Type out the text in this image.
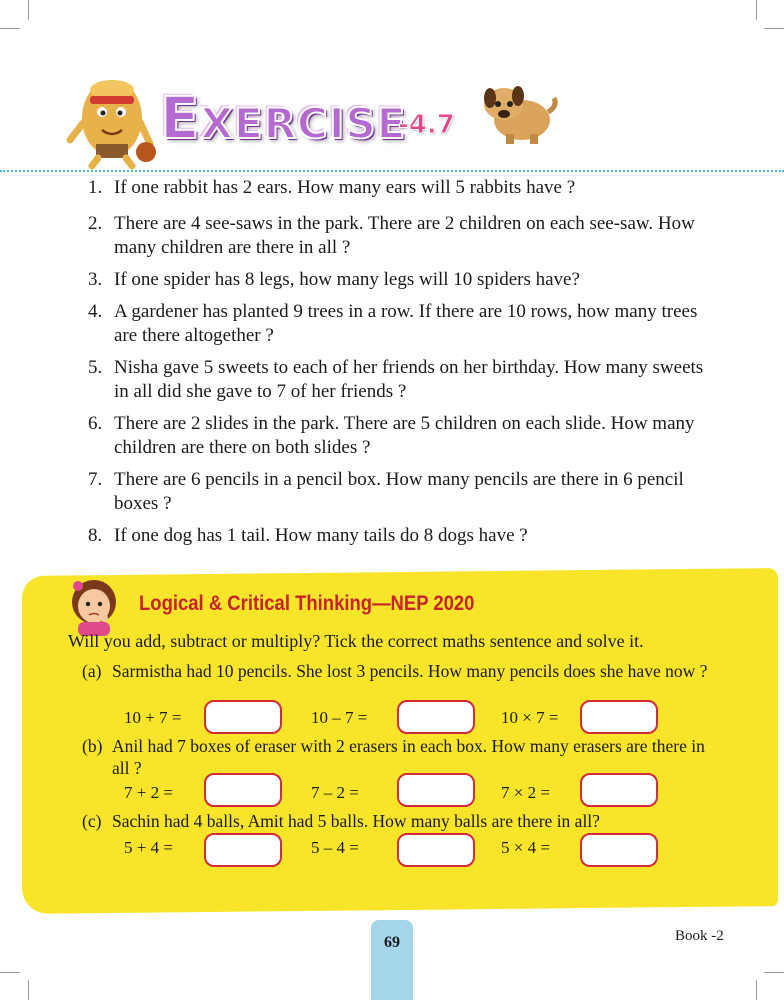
EXERCISE
-4.7
1. If one rabbit has 2 ears. How many ears will 5 rabbits have ?
2. There are 4 see-saws in the park. There are 2 children on each see-saw. How many children are there in all ?
3. If one spider has 8 legs, how many legs will 10 spiders have?
4. A gardener has planted 9 trees in a row. If there are 10 rows, how many trees are there altogether ?
5. Nisha gave 5 sweets to each of her friends on her birthday. How many sweets in all did she gave to 7 of her friends ?
6. There are 2 slides in the park. There are 5 children on each slide. How many children are there on both slides ?
7. There are 6 pencils in a pencil box. How many pencils are there in 6 pencil boxes ?
8. If one dog has 1 tail. How many tails do 8 dogs have ?
Logical & Critical Thinking—NEP 2020
Will you add, subtract or multiply? Tick the correct maths sentence and solve it.
(a) Sarmistha had 10 pencils. She lost 3 pencils. How many pencils does she have now ?
(b) Anil had 7 boxes of eraser with 2 erasers in each box. How many erasers are there in all ?
(c) Sachin had 4 balls, Amit had 5 balls. How many balls are there in all?
10 + 7 =	10 – 7 =	10 × 7 =
7 + 2 =	7 – 2 =	7 × 2 =
5 + 4 =	5 – 4 =	5 × 4 =
69	Book -2
